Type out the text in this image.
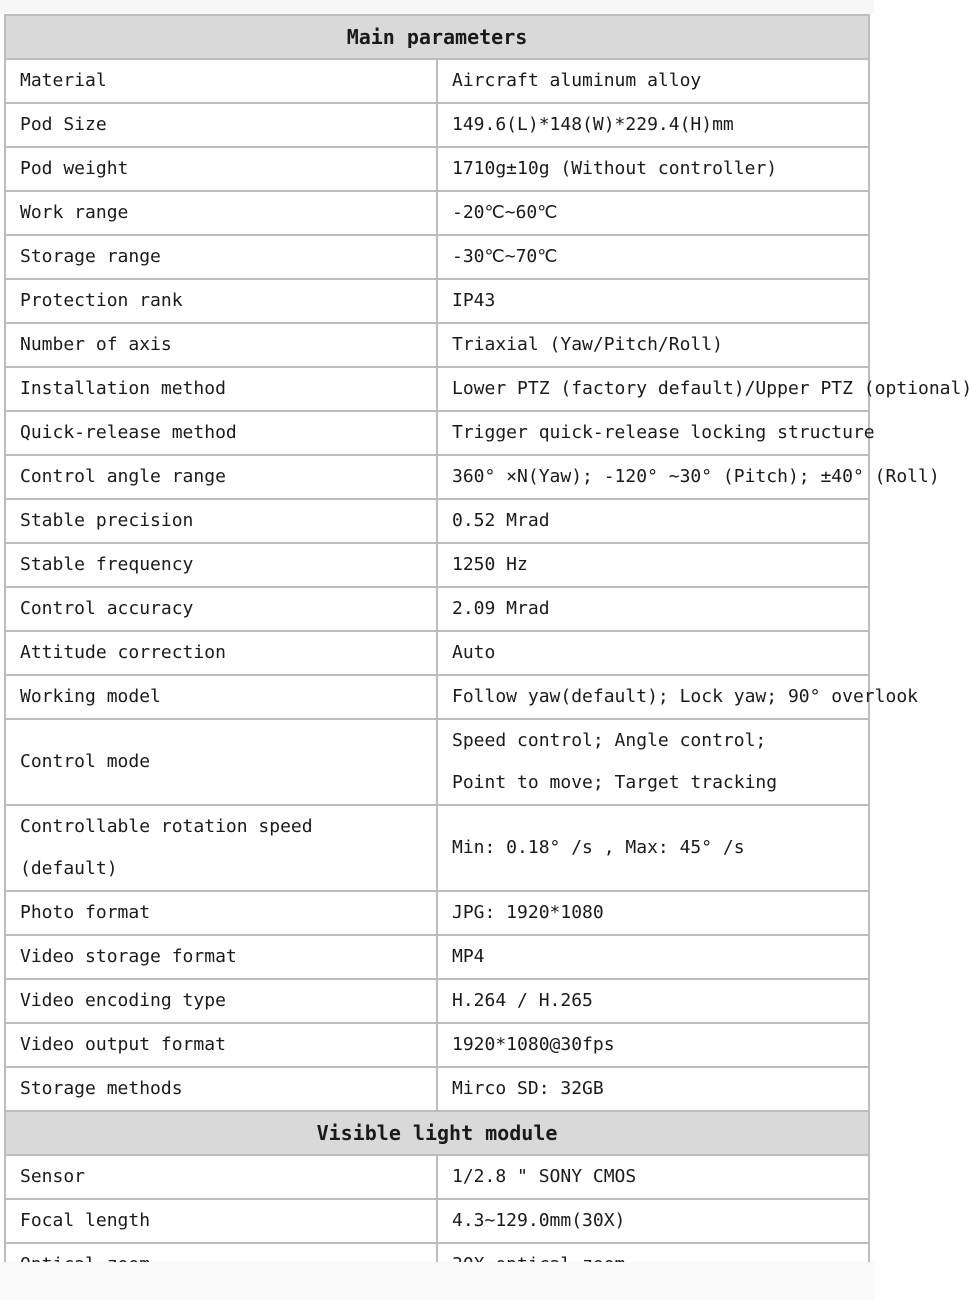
Main parameters	

Material	Aircraft aluminum alloy

Pod Size	149.6(L)*148(W)*229.4(H)mm

Pod weight	1710g±10g (Without controller)

Work range	-20℃~60℃

Storage range	-30℃~70℃

Protection rank	IP43

Number of axis	Triaxial (Yaw/Pitch/Roll)

Installation method	Lower PTZ (factory default)/Upper PTZ (optional)

Quick-release method	Trigger quick-release locking structure

Control angle range	360° ×N(Yaw); -120° ~30° (Pitch); ±40° (Roll)

Stable precision	0.52 Mrad

Stable frequency	1250 Hz

Control accuracy	2.09 Mrad

Attitude correction	Auto

Working model	Follow yaw(default); Lock yaw; 90° overlook

Control mode	Speed control; Angle control;
Point to move; Target tracking

Controllable rotation speed
(default)	Min: 0.18° /s , Max: 45° /s

Photo format	JPG: 1920*1080

Video storage format	MP4

Video encoding type	H.264 / H.265

Video output format	1920*1080@30fps

Storage methods	Mirco SD: 32GB

Visible light module	

Sensor	1/2.8 " SONY CMOS

Focal length	4.3~129.0mm(30X)
